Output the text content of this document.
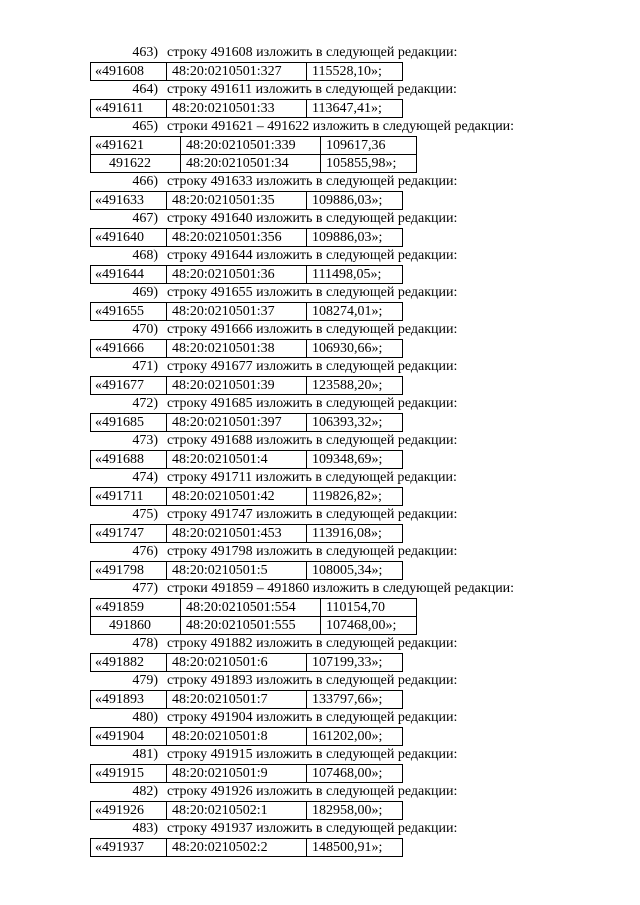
463) строку 491608 изложить в следующей редакции:
«491608	48:20:0210501:327	115528,10»;
464) строку 491611 изложить в следующей редакции:
«491611	48:20:0210501:33	113647,41»;
465) строки 491621 – 491622 изложить в следующей редакции:
«491621	48:20:0210501:339	109617,36
491622	48:20:0210501:34	105855,98»;
466) строку 491633 изложить в следующей редакции:
«491633	48:20:0210501:35	109886,03»;
467) строку 491640 изложить в следующей редакции:
«491640	48:20:0210501:356	109886,03»;
468) строку 491644 изложить в следующей редакции:
«491644	48:20:0210501:36	111498,05»;
469) строку 491655 изложить в следующей редакции:
«491655	48:20:0210501:37	108274,01»;
470) строку 491666 изложить в следующей редакции:
«491666	48:20:0210501:38	106930,66»;
471) строку 491677 изложить в следующей редакции:
«491677	48:20:0210501:39	123588,20»;
472) строку 491685 изложить в следующей редакции:
«491685	48:20:0210501:397	106393,32»;
473) строку 491688 изложить в следующей редакции:
«491688	48:20:0210501:4	109348,69»;
474) строку 491711 изложить в следующей редакции:
«491711	48:20:0210501:42	119826,82»;
475) строку 491747 изложить в следующей редакции:
«491747	48:20:0210501:453	113916,08»;
476) строку 491798 изложить в следующей редакции:
«491798	48:20:0210501:5	108005,34»;
477) строки 491859 – 491860 изложить в следующей редакции:
«491859	48:20:0210501:554	110154,70
491860	48:20:0210501:555	107468,00»;
478) строку 491882 изложить в следующей редакции:
«491882	48:20:0210501:6	107199,33»;
479) строку 491893 изложить в следующей редакции:
«491893	48:20:0210501:7	133797,66»;
480) строку 491904 изложить в следующей редакции:
«491904	48:20:0210501:8	161202,00»;
481) строку 491915 изложить в следующей редакции:
«491915	48:20:0210501:9	107468,00»;
482) строку 491926 изложить в следующей редакции:
«491926	48:20:0210502:1	182958,00»;
483) строку 491937 изложить в следующей редакции:
«491937	48:20:0210502:2	148500,91»;
